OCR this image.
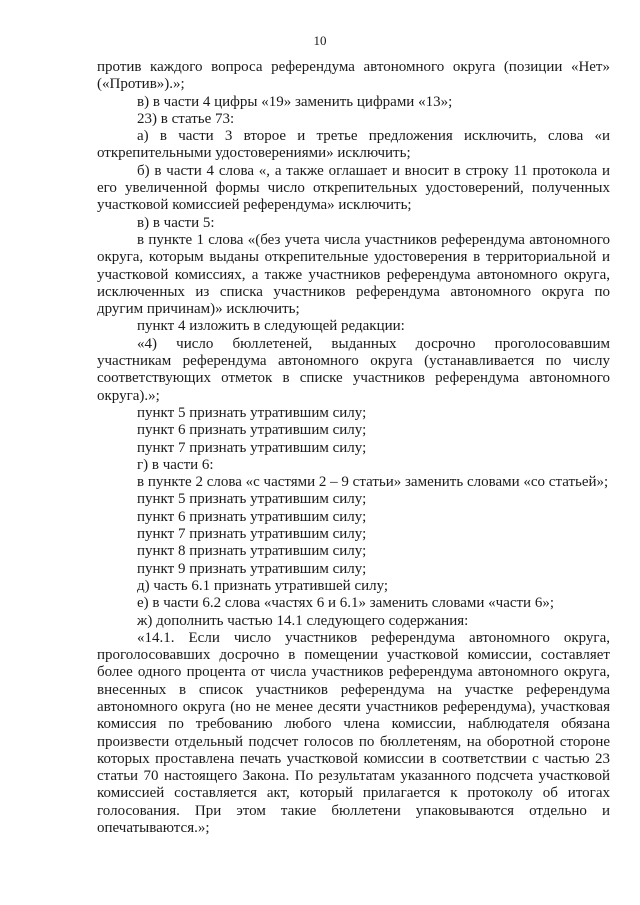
10

против каждого вопроса референдума автономного округа (позиции «Нет» («Против»).»;

в) в части 4 цифры «19» заменить цифрами «13»;

23) в статье 73:

а) в части 3 второе и третье предложения исключить, слова «и открепительными удостоверениями» исключить;

б) в части 4 слова «, а также оглашает и вносит в строку 11 протокола и его увеличенной формы число открепительных удостоверений, полученных участковой комиссией референдума» исключить;

в) в части 5:

в пункте 1 слова «(без учета числа участников референдума автономного округа, которым выданы открепительные удостоверения в территориальной и участковой комиссиях, а также участников референдума автономного округа, исключенных из списка участников референдума автономного округа по другим причинам)» исключить;

пункт 4 изложить в следующей редакции:

«4) число бюллетеней, выданных досрочно проголосовавшим участникам референдума автономного округа (устанавливается по числу соответствующих отметок в списке участников референдума автономного округа).»;

пункт 5 признать утратившим силу;

пункт 6 признать утратившим силу;

пункт 7 признать утратившим силу;

г) в части 6:

в пункте 2 слова «с частями 2 – 9 статьи» заменить словами «со статьей»;

пункт 5 признать утратившим силу;

пункт 6 признать утратившим силу;

пункт 7 признать утратившим силу;

пункт 8 признать утратившим силу;

пункт 9 признать утратившим силу;

д) часть 6.1 признать утратившей силу;

е) в части 6.2 слова «частях 6 и 6.1» заменить словами «части 6»;

ж) дополнить частью 14.1 следующего содержания:

«14.1. Если число участников референдума автономного округа, проголосовавших досрочно в помещении участковой комиссии, составляет более одного процента от числа участников референдума автономного округа, внесенных в список участников референдума на участке референдума автономного округа (но не менее десяти участников референдума), участковая комиссия по требованию любого члена комиссии, наблюдателя обязана произвести отдельный подсчет голосов по бюллетеням, на оборотной стороне которых проставлена печать участковой комиссии в соответствии с частью 23 статьи 70 настоящего Закона. По результатам указанного подсчета участковой комиссией составляется акт, который прилагается к протоколу об итогах голосования. При этом такие бюллетени упаковываются отдельно и опечатываются.»;
